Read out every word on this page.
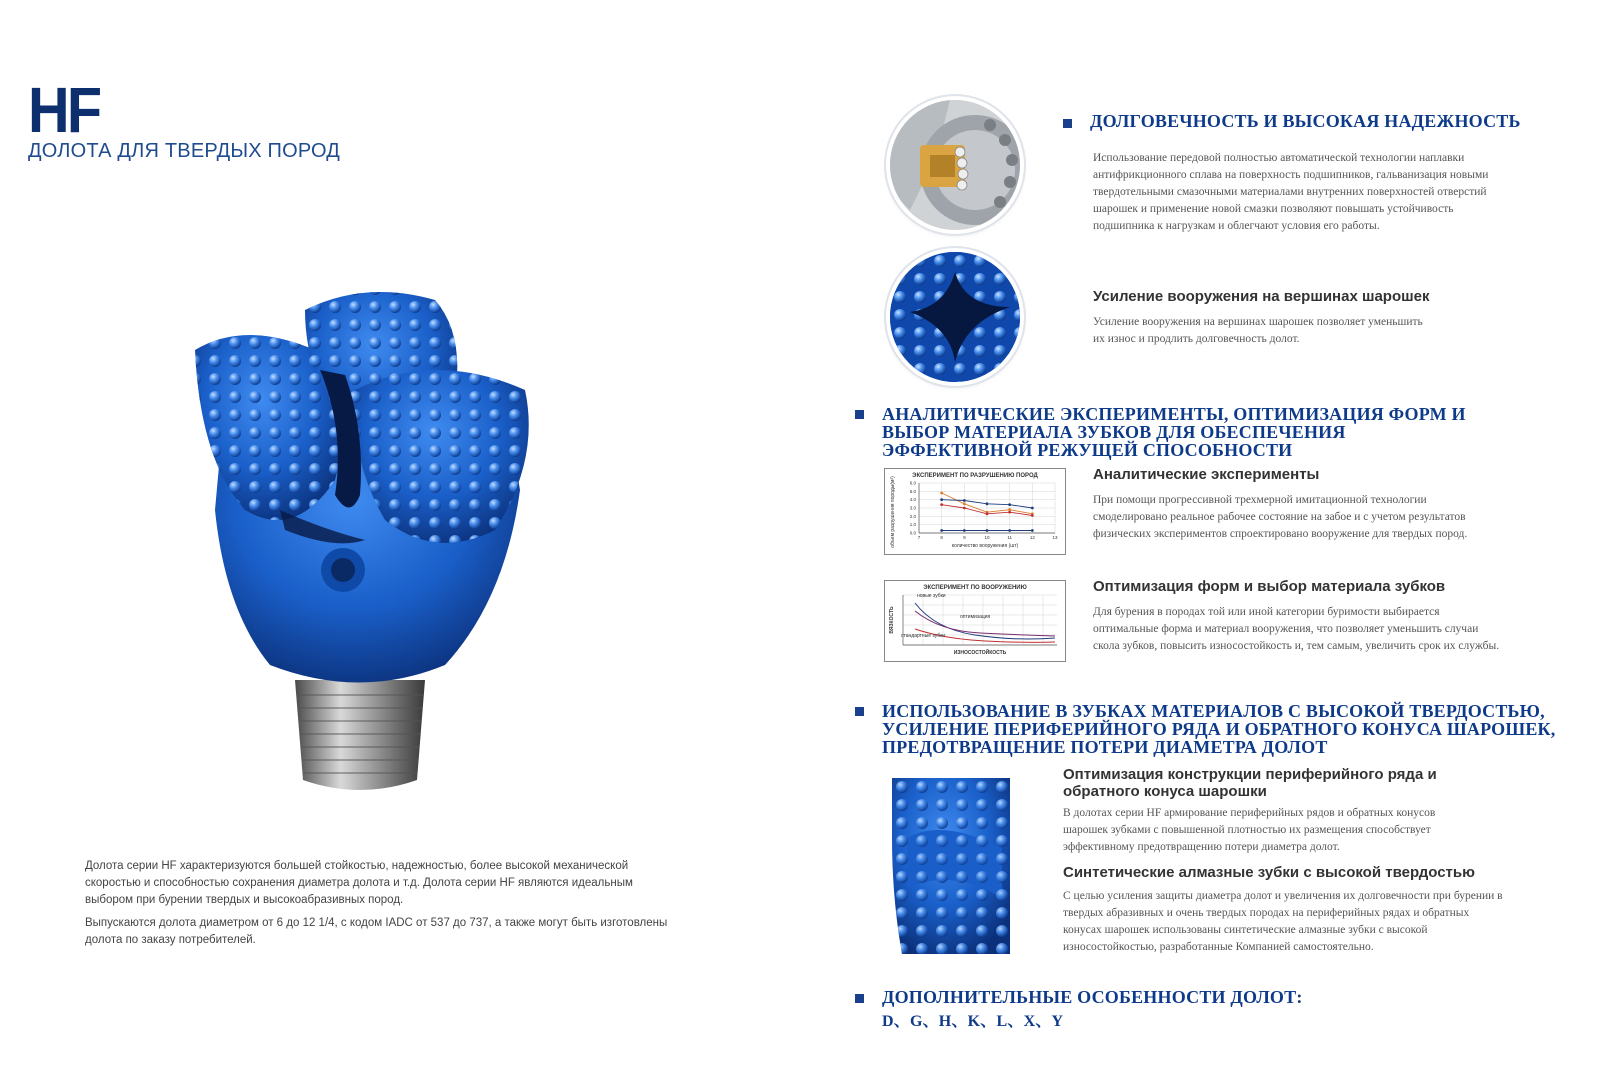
HF
ДОЛОТА ДЛЯ ТВЕРДЫХ ПОРОД
Долота серии HF характеризуются большей стойкостью, надежностью, более высокой механической скоростью и способностью сохранения диаметра долота и т.д. Долота серии HF являются идеальным выбором при бурении твердых и высокоабразивных пород.
Выпускаются долота диаметром от 6 до 12 1/4, с кодом IADC от 537 до 737, а также могут быть изготовлены долота по заказу потребителей.
ДОЛГОВЕЧНОСТЬ И ВЫСОКАЯ НАДЕЖНОСТЬ
Использование передовой полностью автоматической технологии наплавки антифрикционного сплава на поверхность подшипников, гальванизация новыми твердотельными смазочными материалами внутренних поверхностей отверстий шарошек и применение новой смазки позволяют повышать устойчивость подшипника к нагрузкам и облегчают условия его работы.
Усиление вооружения на вершинах шарошек
Усиление вооружения на вершинах шарошек позволяет уменьшить их износ и продлить долговечность долот.
АНАЛИТИЧЕСКИЕ ЭКСПЕРИМЕНТЫ, ОПТИМИЗАЦИЯ ФОРМ И ВЫБОР МАТЕРИАЛА ЗУБКОВ ДЛЯ ОБЕСПЕЧЕНИЯ ЭФФЕКТИВНОЙ РЕЖУЩЕЙ СПОСОБНОСТИ
ЭКСПЕРИМЕНТ ПО РАЗРУШЕНИЮ ПОРОД
0.0
1.0
2.0
3.0
4.0
5.0
6.0
7	8	9	10	11	12	13
количество вооружения (шт)
объем разрушения породы(м³)
Аналитические эксперименты
При помощи прогрессивной трехмерной имитационной технологии смоделировано реальное рабочее состояние на забое и с учетом результатов физических экспериментов спроектировано вооружение для твердых пород.
ЭКСПЕРИМЕНТ ПО ВООРУЖЕНИЮ
новые зубки
оптимизация
стандартные зубки
ИЗНОСОСТОЙКОСТЬ
ВЯЗКОСТЬ
Оптимизация форм и выбор материала зубков
Для бурения в породах той или иной категории буримости выбирается оптимальные форма и материал вооружения, что позволяет уменьшить случаи скола зубков, повысить износостойкость и, тем самым, увеличить срок их службы.
ИСПОЛЬЗОВАНИЕ В ЗУБКАХ МАТЕРИАЛОВ С ВЫСОКОЙ ТВЕРДОСТЬЮ, УСИЛЕНИЕ ПЕРИФЕРИЙНОГО РЯДА И ОБРАТНОГО КОНУСА ШАРОШЕК, ПРЕДОТВРАЩЕНИЕ ПОТЕРИ ДИАМЕТРА ДОЛОТ
Оптимизация конструкции периферийного ряда и обратного конуса шарошки
В долотах серии HF армирование периферийных рядов и обратных конусов шарошек зубками с повышенной плотностью их размещения способствует эффективному предотвращению потери диаметра долот.
Синтетические алмазные зубки с высокой твердостью
С целью усиления защиты диаметра долот и увеличения их долговечности при бурении в твердых абразивных и очень твердых породах на периферийных рядах и обратных конусах шарошек использованы синтетические алмазные зубки с высокой износостойкостью, разработанные Компанией самостоятельно.
ДОПОЛНИТЕЛЬНЫЕ ОСОБЕННОСТИ ДОЛОТ:
D、G、H、K、L、X、Y
